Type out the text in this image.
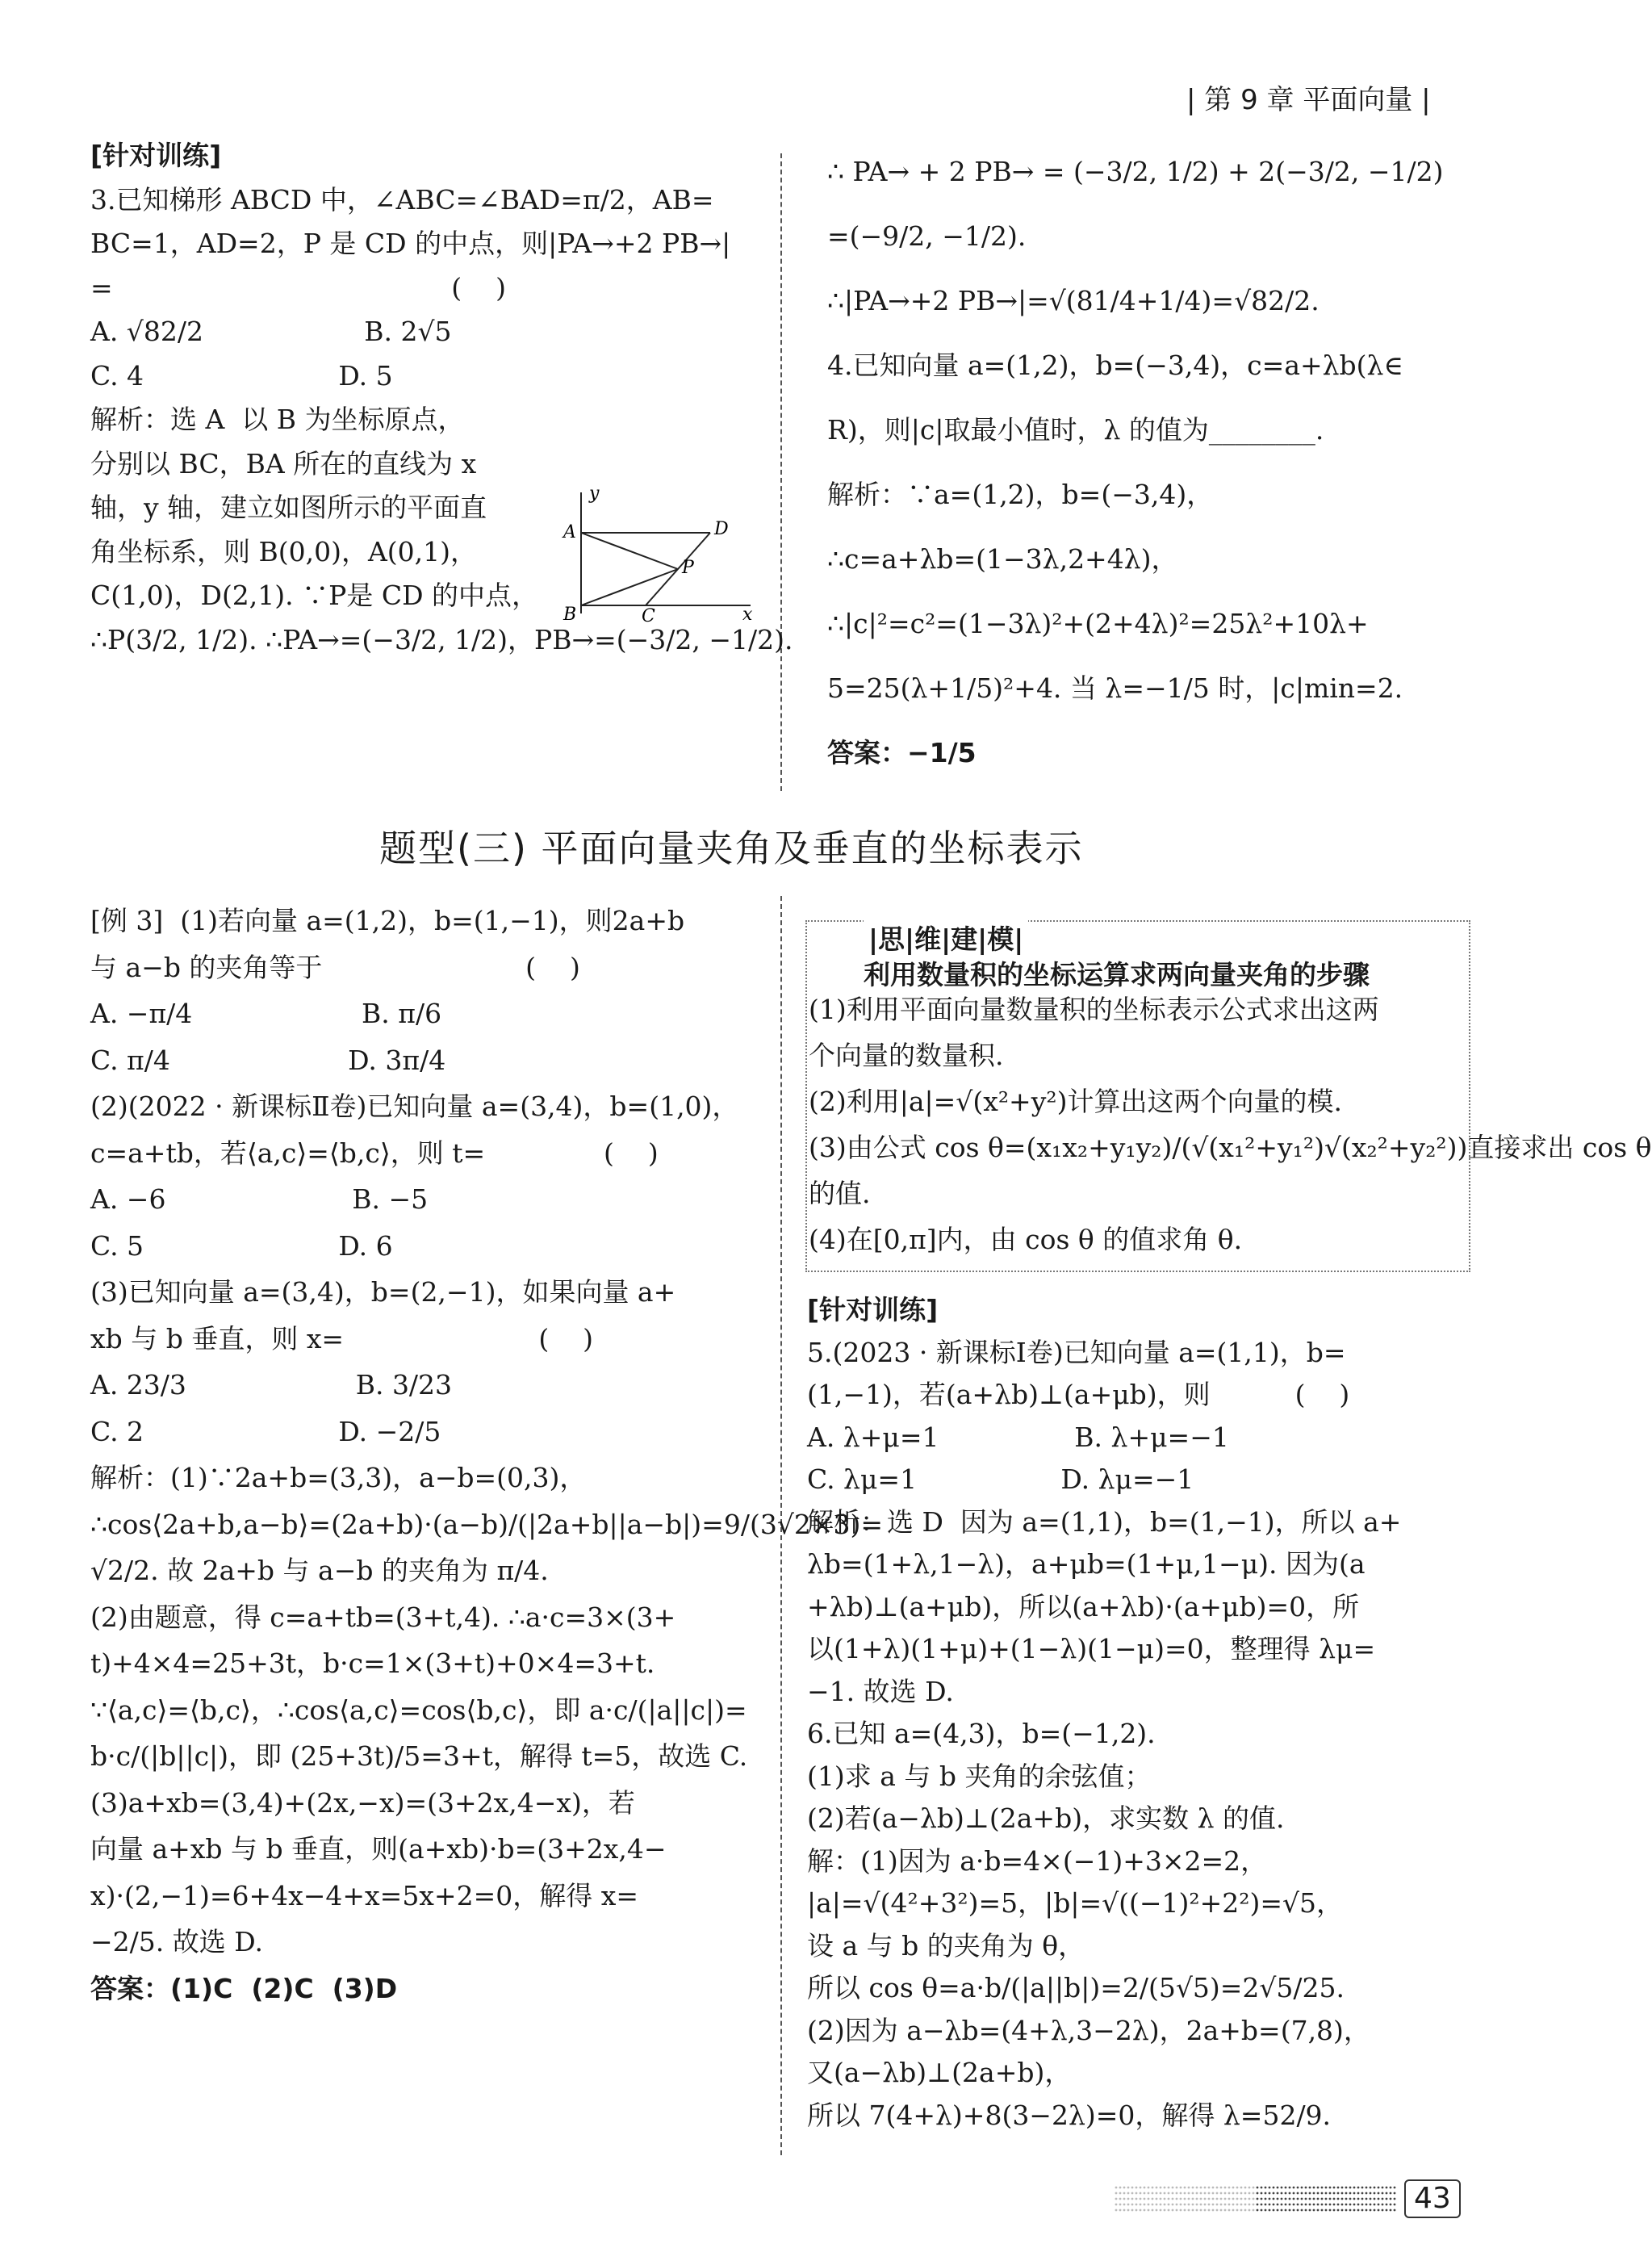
| 第 9 章 平面向量 |
[针对训练]
3.已知梯形 ABCD 中，∠ABC=∠BAD=π/2，AB=
BC=1，AD=2，P 是 CD 的中点，则|PA→+2 PB→|
=                                        (    )
A. √82/2                   B. 2√5
C. 4                       D. 5
解析：选 A  以 B 为坐标原点，
分别以 BC，BA 所在的直线为 x
轴，y 轴，建立如图所示的平面直
角坐标系，则 B(0,0)，A(0,1)，
C(1,0)，D(2,1). ∵P是 CD 的中点，
∴P(3/2, 1/2). ∴PA→=(−3/2, 1/2)，PB→=(−3/2, −1/2).
y
A	D
P
B	C	x
∴ PA→ + 2 PB→ = (−3/2, 1/2) + 2(−3/2, −1/2)
=(−9/2, −1/2).
∴|PA→+2 PB→|=√(81/4+1/4)=√82/2.
4.已知向量 a=(1,2)，b=(−3,4)，c=a+λb(λ∈
R)，则|c|取最小值时，λ 的值为________.
解析：∵a=(1,2)，b=(−3,4)，
∴c=a+λb=(1−3λ,2+4λ)，
∴|c|²=c²=(1−3λ)²+(2+4λ)²=25λ²+10λ+
5=25(λ+1/5)²+4. 当 λ=−1/5 时，|c|min=2.
答案：−1/5
题型(三) 平面向量夹角及垂直的坐标表示
[例 3]  (1)若向量 a=(1,2)，b=(1,−1)，则2a+b
与 a−b 的夹角等于                        (    )
A. −π/4                    B. π/6
C. π/4                     D. 3π/4
(2)(2022 · 新课标Ⅱ卷)已知向量 a=(3,4)，b=(1,0)，
c=a+tb，若⟨a,c⟩=⟨b,c⟩，则 t=              (    )
A. −6                      B. −5
C. 5                       D. 6
(3)已知向量 a=(3,4)，b=(2,−1)，如果向量 a+
xb 与 b 垂直，则 x=                       (    )
A. 23/3                    B. 3/23
C. 2                       D. −2/5
解析：(1)∵2a+b=(3,3)，a−b=(0,3)，
∴cos⟨2a+b,a−b⟩=(2a+b)·(a−b)/(|2a+b||a−b|)=9/(3√2×3)=
√2/2. 故 2a+b 与 a−b 的夹角为 π/4.
(2)由题意，得 c=a+tb=(3+t,4). ∴a·c=3×(3+
t)+4×4=25+3t，b·c=1×(3+t)+0×4=3+t.
∵⟨a,c⟩=⟨b,c⟩，∴cos⟨a,c⟩=cos⟨b,c⟩，即 a·c/(|a||c|)=
b·c/(|b||c|)，即 (25+3t)/5=3+t，解得 t=5，故选 C.
(3)a+xb=(3,4)+(2x,−x)=(3+2x,4−x)，若
向量 a+xb 与 b 垂直，则(a+xb)·b=(3+2x,4−
x)·(2,−1)=6+4x−4+x=5x+2=0，解得 x=
−2/5. 故选 D.
答案：(1)C  (2)C  (3)D
|思|维|建|模|
利用数量积的坐标运算求两向量夹角的步骤
(1)利用平面向量数量积的坐标表示公式求出这两
个向量的数量积.
(2)利用|a|=√(x²+y²)计算出这两个向量的模.
(3)由公式 cos θ=(x₁x₂+y₁y₂)/(√(x₁²+y₁²)√(x₂²+y₂²))直接求出 cos θ
的值.
(4)在[0,π]内，由 cos θ 的值求角 θ.
[针对训练]
5.(2023 · 新课标Ⅰ卷)已知向量 a=(1,1)，b=
(1,−1)，若(a+λb)⊥(a+μb)，则          (    )
A. λ+μ=1                B. λ+μ=−1
C. λμ=1                 D. λμ=−1
解析：选 D  因为 a=(1,1)，b=(1,−1)，所以 a+
λb=(1+λ,1−λ)，a+μb=(1+μ,1−μ). 因为(a
+λb)⊥(a+μb)，所以(a+λb)·(a+μb)=0，所
以(1+λ)(1+μ)+(1−λ)(1−μ)=0，整理得 λμ=
−1. 故选 D.
6.已知 a=(4,3)，b=(−1,2).
(1)求 a 与 b 夹角的余弦值；
(2)若(a−λb)⊥(2a+b)，求实数 λ 的值.
解：(1)因为 a·b=4×(−1)+3×2=2，
|a|=√(4²+3²)=5，|b|=√((−1)²+2²)=√5，
设 a 与 b 的夹角为 θ，
所以 cos θ=a·b/(|a||b|)=2/(5√5)=2√5/25.
(2)因为 a−λb=(4+λ,3−2λ)，2a+b=(7,8)，
又(a−λb)⊥(2a+b)，
所以 7(4+λ)+8(3−2λ)=0，解得 λ=52/9.
43
